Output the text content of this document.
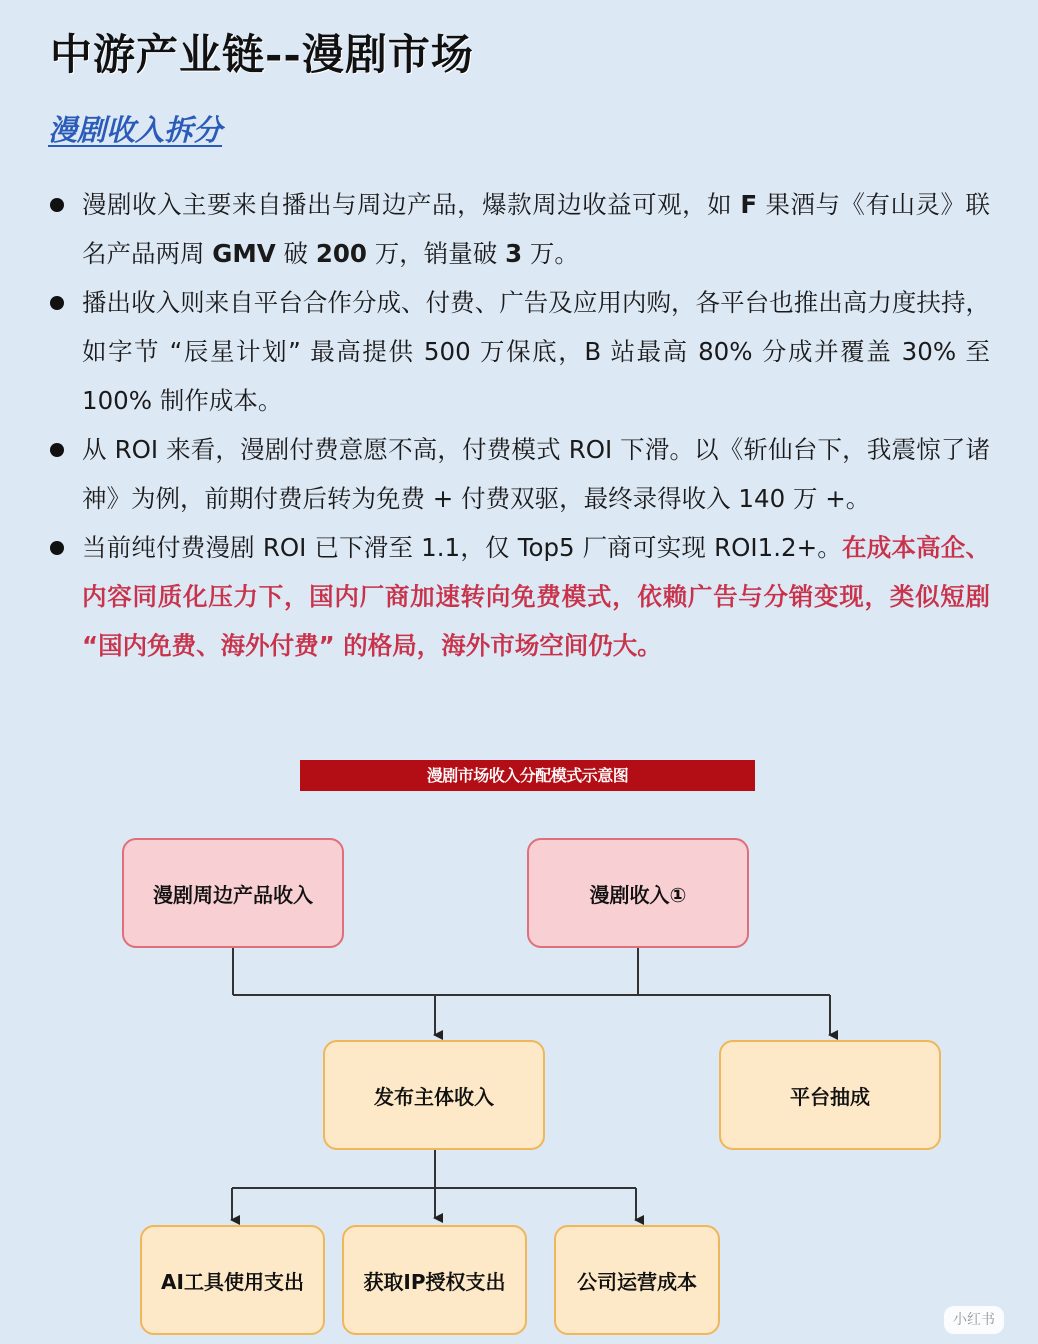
中游产业链--漫剧市场
漫剧收入拆分
漫剧收入主要来自播出与周边产品，爆款周边收益可观，如 F 果酒与《有山灵》联名产品两周 GMV 破 200 万，销量破 3 万。
播出收入则来自平台合作分成、付费、广告及应用内购，各平台也推出高力度扶持，如字节 “辰星计划” 最高提供 500 万保底，B 站最高 80% 分成并覆盖 30% 至 100% 制作成本。
从 ROI 来看，漫剧付费意愿不高，付费模式 ROI 下滑。以《斩仙台下，我震惊了诸神》为例，前期付费后转为免费 + 付费双驱，最终录得收入 140 万 +。
当前纯付费漫剧 ROI 已下滑至 1.1，仅 Top5 厂商可实现 ROI1.2+。在成本高企、内容同质化压力下，国内厂商加速转向免费模式，依赖广告与分销变现，类似短剧 “国内免费、海外付费” 的格局，海外市场空间仍大。
漫剧市场收入分配模式示意图
漫剧周边产品收入	漫剧收入①
发布主体收入	平台抽成
AI工具使用支出	获取IP授权支出	公司运营成本
小红书
